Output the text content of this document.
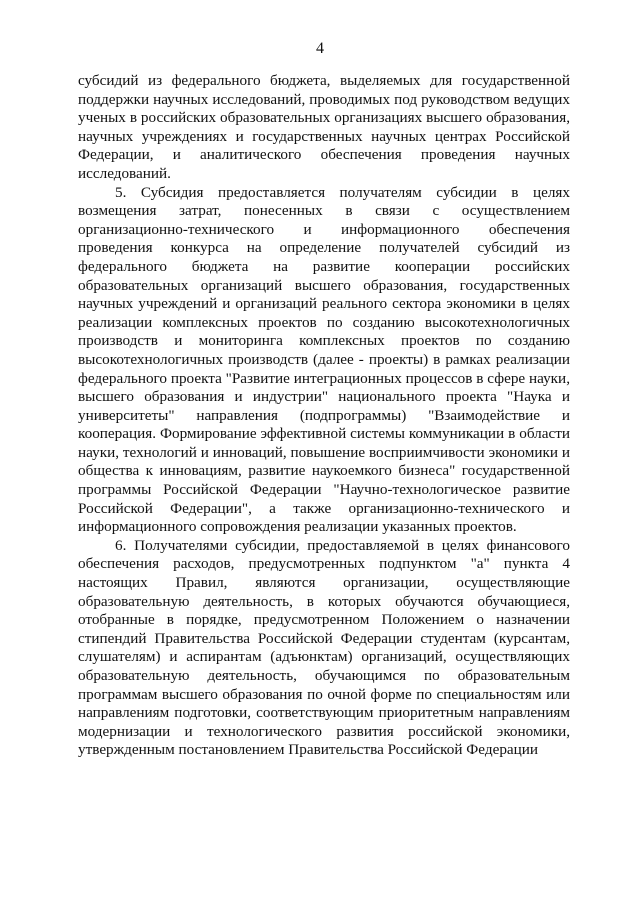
4

субсидий из федерального бюджета, выделяемых для государственной поддержки научных исследований, проводимых под руководством ведущих ученых в российских образовательных организациях высшего образования, научных учреждениях и государственных научных центрах Российской Федерации, и аналитического обеспечения проведения научных исследований.

5. Субсидия предоставляется получателям субсидии в целях возмещения затрат, понесенных в связи с осуществлением организационно-технического и информационного обеспечения проведения конкурса на определение получателей субсидий из федерального бюджета на развитие кооперации российских образовательных организаций высшего образования, государственных научных учреждений и организаций реального сектора экономики в целях реализации комплексных проектов по созданию высокотехнологичных производств и мониторинга комплексных проектов по созданию высокотехнологичных производств (далее - проекты) в рамках реализации федерального проекта "Развитие интеграционных процессов в сфере науки, высшего образования и индустрии" национального проекта "Наука и университеты" направления (подпрограммы) "Взаимодействие и кооперация. Формирование эффективной системы коммуникации в области науки, технологий и инноваций, повышение восприимчивости экономики и общества к инновациям, развитие наукоемкого бизнеса" государственной программы Российской Федерации "Научно-технологическое развитие Российской Федерации", а также организационно-технического и информационного сопровождения реализации указанных проектов.

6. Получателями субсидии, предоставляемой в целях финансового обеспечения расходов, предусмотренных подпунктом "а" пункта 4 настоящих Правил, являются организации, осуществляющие образовательную деятельность, в которых обучаются обучающиеся, отобранные в порядке, предусмотренном Положением о назначении стипендий Правительства Российской Федерации студентам (курсантам, слушателям) и аспирантам (адъюнктам) организаций, осуществляющих образовательную деятельность, обучающимся по образовательным программам высшего образования по очной форме по специальностям или направлениям подготовки, соответствующим приоритетным направлениям модернизации и технологического развития российской экономики, утвержденным постановлением Правительства Российской Федерации
